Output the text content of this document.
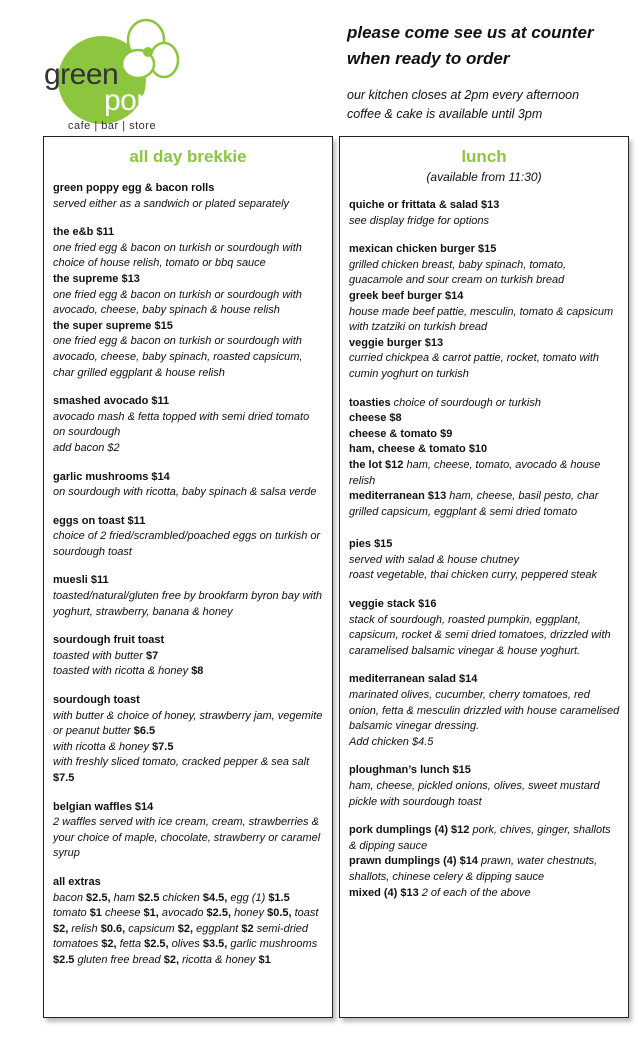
green
poppy
cafe | bar | store
please come see us at counter
when ready to order
our kitchen closes at 2pm every afternoon
coffee & cake is available until 3pm
all day brekkie
green poppy egg & bacon rolls
served either as a sandwich or plated separately
the e&b $11
one fried egg & bacon on turkish or sourdough with choice of house relish, tomato or bbq sauce
the supreme $13
one fried egg & bacon on turkish or sourdough with avocado, cheese, baby spinach & house relish
the super supreme $15
one fried egg & bacon on turkish or sourdough with avocado, cheese, baby spinach, roasted capsicum, char grilled eggplant & house relish
smashed avocado $11
avocado mash & fetta topped with semi dried tomato on sourdough
add bacon $2
garlic mushrooms $14
on sourdough with ricotta, baby spinach & salsa verde
eggs on toast $11
choice of 2 fried/scrambled/poached eggs on turkish or sourdough toast
muesli $11
toasted/natural/gluten free by brookfarm byron bay with yoghurt, strawberry, banana & honey
sourdough fruit toast
toasted with butter $7
toasted with ricotta & honey $8
sourdough toast
with butter & choice of honey, strawberry jam, vegemite or peanut butter $6.5
with ricotta & honey $7.5
with freshly sliced tomato, cracked pepper & sea salt $7.5
belgian waffles $14
2 waffles served with ice cream, cream, strawberries & your choice of maple, chocolate, strawberry or caramel syrup
all extras
bacon $2.5, ham $2.5 chicken $4.5, egg (1) $1.5 tomato $1 cheese $1, avocado $2.5, honey $0.5, toast $2, relish $0.6, capsicum $2, eggplant $2 semi-dried tomatoes $2, fetta $2.5, olives $3.5, garlic mushrooms $2.5 gluten free bread $2, ricotta & honey $1
lunch
(available from 11:30)
quiche or frittata & salad $13
see display fridge for options
mexican chicken burger $15
grilled chicken breast, baby spinach, tomato, guacamole and sour cream on turkish bread
greek beef burger $14
house made beef pattie, mesculin, tomato & capsicum with tzatziki on turkish bread
veggie burger $13
curried chickpea & carrot pattie, rocket, tomato with cumin yoghurt on turkish
toasties choice of sourdough or turkish
cheese $8
cheese & tomato $9
ham, cheese & tomato $10
the lot $12 ham, cheese, tomato, avocado & house relish
mediterranean $13 ham, cheese, basil pesto, char grilled capsicum, eggplant & semi dried tomato
pies $15
served with salad & house chutney
roast vegetable, thai chicken curry, peppered steak
veggie stack $16
stack of sourdough, roasted pumpkin, eggplant, capsicum, rocket & semi dried tomatoes, drizzled with caramelised balsamic vinegar & house yoghurt.
mediterranean salad $14
marinated olives, cucumber, cherry tomatoes, red onion, fetta & mesculin drizzled with house caramelised balsamic vinegar dressing.
Add chicken $4.5
ploughman’s lunch $15
ham, cheese, pickled onions, olives, sweet mustard pickle with sourdough toast
pork dumplings (4) $12 pork, chives, ginger, shallots & dipping sauce
prawn dumplings (4) $14 prawn, water chestnuts, shallots, chinese celery & dipping sauce
mixed (4) $13 2 of each of the above
